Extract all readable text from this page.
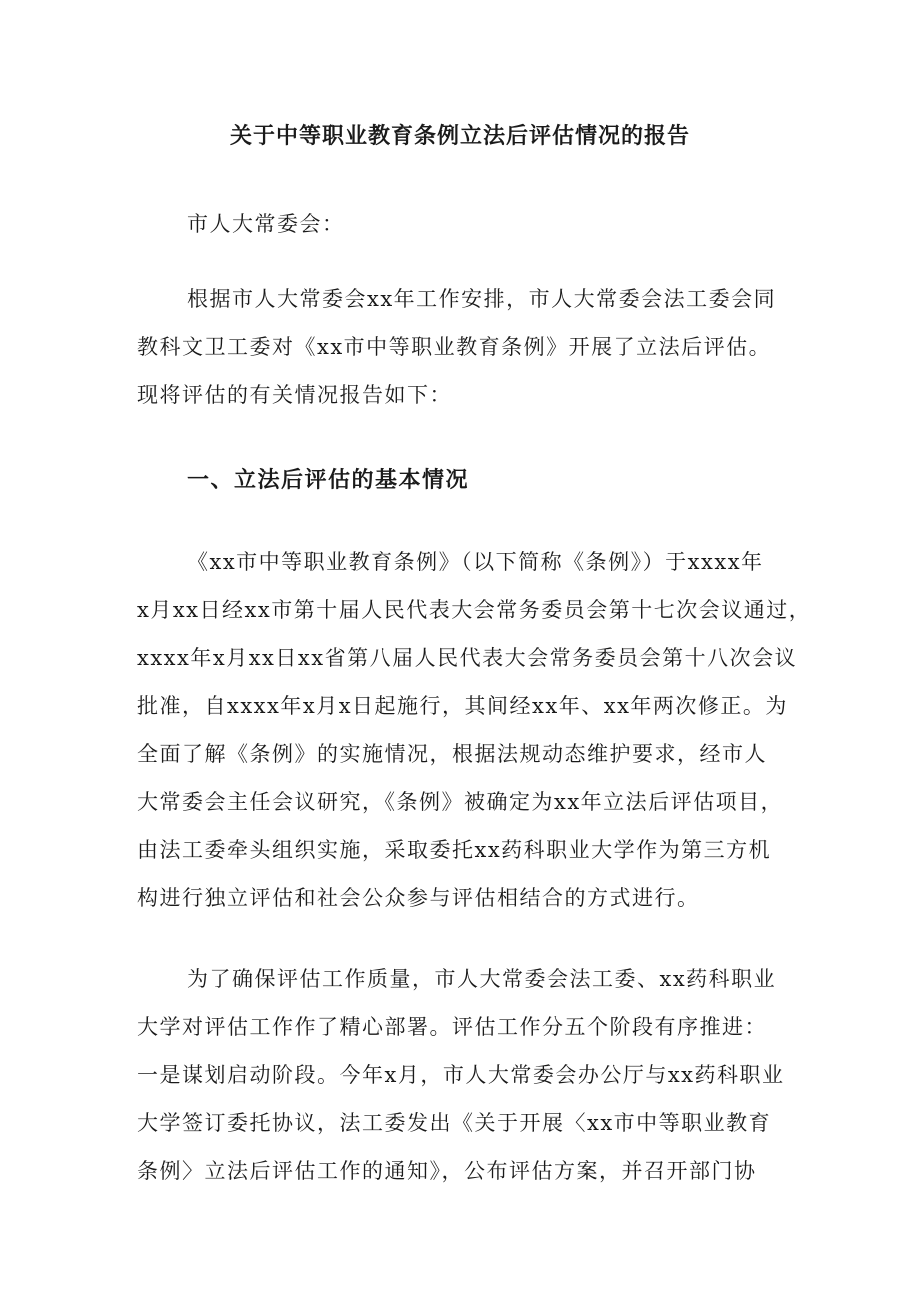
关于中等职业教育条例立法后评估情况的报告
市人大常委会：
根据市人大常委会xx年工作安排，市人大常委会法工委会同
教科文卫工委对《xx市中等职业教育条例》开展了立法后评估。
现将评估的有关情况报告如下：
一、立法后评估的基本情况
《xx市中等职业教育条例》（以下简称《条例》）于xxxx年
x月xx日经xx市第十届人民代表大会常务委员会第十七次会议通过，
xxxx年x月xx日xx省第八届人民代表大会常务委员会第十八次会议
批准，自xxxx年x月x日起施行，其间经xx年、xx年两次修正。为
全面了解《条例》的实施情况，根据法规动态维护要求，经市人
大常委会主任会议研究，《条例》被确定为xx年立法后评估项目，
由法工委牵头组织实施，采取委托xx药科职业大学作为第三方机
构进行独立评估和社会公众参与评估相结合的方式进行。
为了确保评估工作质量，市人大常委会法工委、xx药科职业
大学对评估工作作了精心部署。评估工作分五个阶段有序推进：
一是谋划启动阶段。今年x月，市人大常委会办公厅与xx药科职业
大学签订委托协议，法工委发出《关于开展〈xx市中等职业教育
条例〉立法后评估工作的通知》，公布评估方案，并召开部门协
